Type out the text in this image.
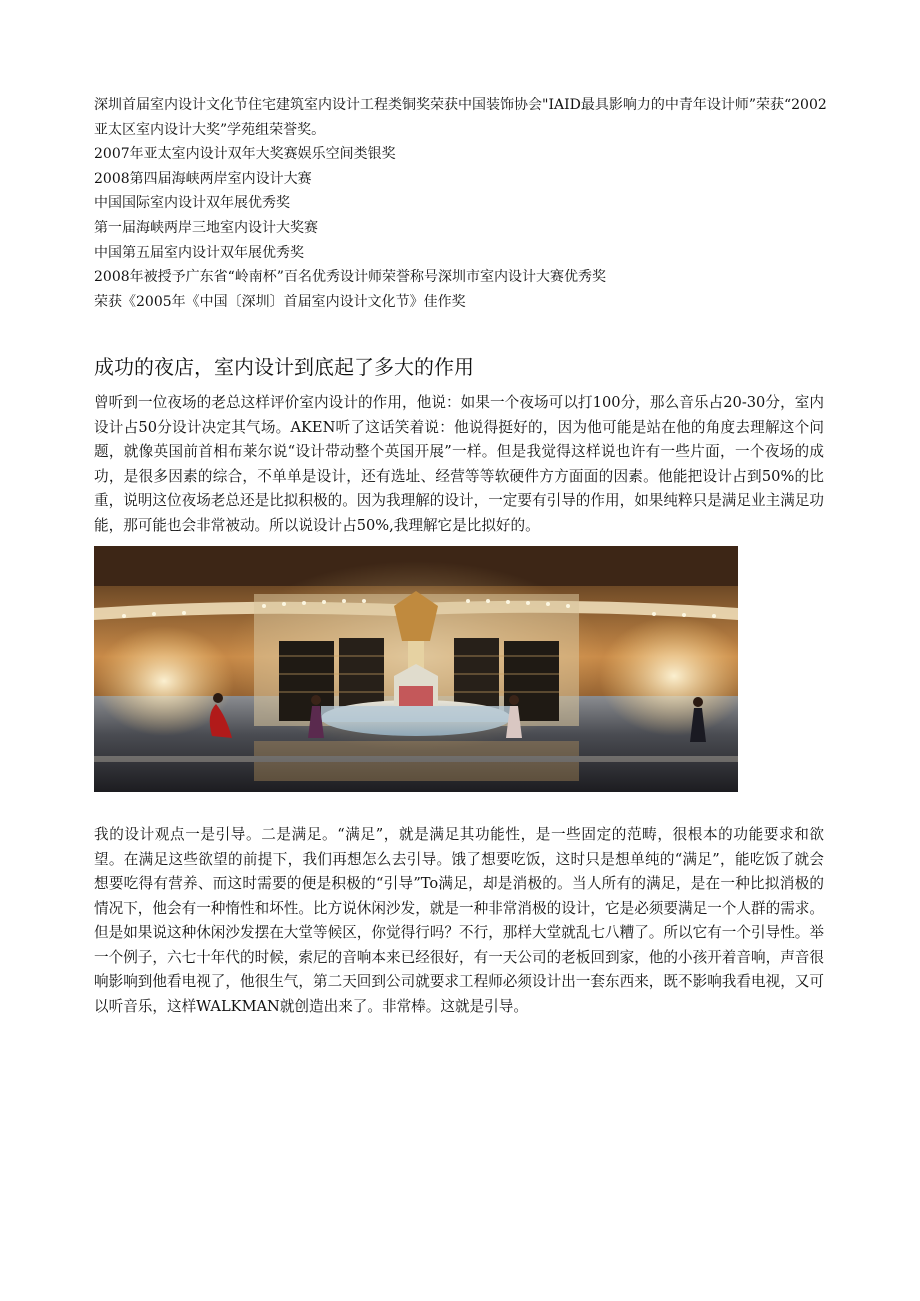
深圳首届室内设计文化节住宅建筑室内设计工程类铜奖荣获中国装饰协会"IAID最具影响力的中青年设计师”荣获“2002亚太区室内设计大奖”学苑组荣誉奖。

2007年亚太室内设计双年大奖赛娱乐空间类银奖

2008第四届海峡两岸室内设计大赛

中国国际室内设计双年展优秀奖

第一届海峡两岸三地室内设计大奖赛

中国第五届室内设计双年展优秀奖

2008年被授予广东省“岭南杯”百名优秀设计师荣誉称号深圳市室内设计大赛优秀奖

荣获《2005年《中国〔深圳〕首届室内设计文化节》佳作奖

成功的夜店，室内设计到底起了多大的作用

曾听到一位夜场的老总这样评价室内设计的作用，他说：如果一个夜场可以打100分，那么音乐占20-30分，室内设计占50分设计决定其气场。AKEN听了这话笑着说：他说得挺好的，因为他可能是站在他的角度去理解这个问题，就像英国前首相布莱尔说“设计带动整个英国开展”一样。但是我觉得这样说也许有一些片面，一个夜场的成功，是很多因素的综合，不单单是设计，还有选址、经营等等软硬件方方面面的因素。他能把设计占到50%的比重，说明这位夜场老总还是比拟积极的。因为我理解的设计，一定要有引导的作用，如果纯粹只是满足业主满足功能，那可能也会非常被动。所以说设计占50%,我理解它是比拟好的。

我的设计观点一是引导。二是满足。“满足”，就是满足其功能性，是一些固定的范畴，很根本的功能要求和欲望。在满足这些欲望的前提下，我们再想怎么去引导。饿了想要吃饭，这时只是想单纯的“满足”，能吃饭了就会想要吃得有营养、而这时需要的便是积极的“引导”To满足，却是消极的。当人所有的满足，是在一种比拟消极的情况下，他会有一种惰性和坏性。比方说休闲沙发，就是一种非常消极的设计，它是必须要满足一个人群的需求。但是如果说这种休闲沙发摆在大堂等候区，你觉得行吗？不行，那样大堂就乱七八糟了。所以它有一个引导性。举一个例子，六七十年代的时候，索尼的音响本来已经很好，有一天公司的老板回到家，他的小孩开着音响，声音很响影响到他看电视了，他很生气，第二天回到公司就要求工程师必须设计出一套东西来，既不影响我看电视，又可以听音乐，这样WALKMAN就创造出来了。非常棒。这就是引导。
